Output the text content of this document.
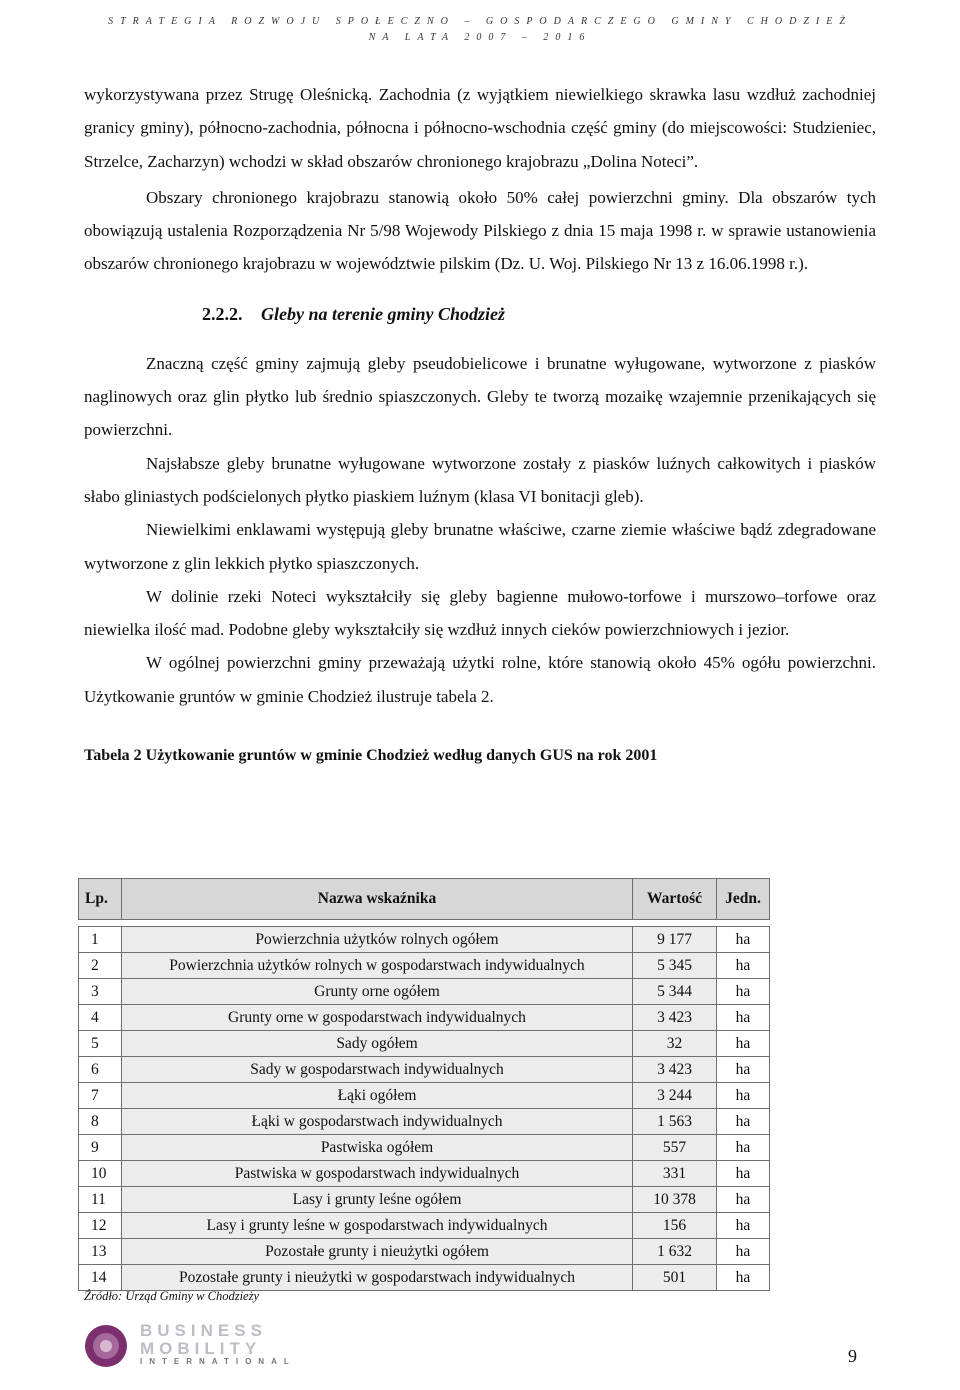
STRATEGIA ROZWOJU SPOŁECZNO – GOSPODARCZEGO GMINY CHODZIEŻ
NA LATA 2007 – 2016

wykorzystywana przez Strugę Oleśnicką. Zachodnia (z wyjątkiem niewielkiego skrawka lasu wzdłuż zachodniej granicy gminy), północno-zachodnia, północna i północno-wschodnia część gminy (do miejscowości: Studzieniec, Strzelce, Zacharzyn) wchodzi w skład obszarów chronionego krajobrazu „Dolina Noteci”.

Obszary chronionego krajobrazu stanowią około 50% całej powierzchni gminy. Dla obszarów tych obowiązują ustalenia Rozporządzenia Nr 5/98 Wojewody Pilskiego z dnia 15 maja 1998 r. w sprawie ustanowienia obszarów chronionego krajobrazu w województwie pilskim (Dz. U. Woj. Pilskiego Nr 13 z 16.06.1998 r.).

2.2.2. Gleby na terenie gminy Chodzież

Znaczną część gminy zajmują gleby pseudobielicowe i brunatne wyługowane, wytworzone z piasków naglinowych oraz glin płytko lub średnio spiaszczonych. Gleby te tworzą mozaikę wzajemnie przenikających się powierzchni.

Najsłabsze gleby brunatne wyługowane wytworzone zostały z piasków luźnych całkowitych i piasków słabo gliniastych podścielonych płytko piaskiem luźnym (klasa VI bonitacji gleb).

Niewielkimi enklawami występują gleby brunatne właściwe, czarne ziemie właściwe bądź zdegradowane wytworzone z glin lekkich płytko spiaszczonych.

W dolinie rzeki Noteci wykształciły się gleby bagienne mułowo-torfowe i murszowo–torfowe oraz niewielka ilość mad. Podobne gleby wykształciły się wzdłuż innych cieków powierzchniowych i jezior.

W ogólnej powierzchni gminy przeważają użytki rolne, które stanowią około 45% ogółu powierzchni. Użytkowanie gruntów w gminie Chodzież ilustruje tabela 2.

Tabela 2 Użytkowanie gruntów w gminie Chodzież według danych GUS na rok 2001
Lp.	Nazwa wskaźnika	Wartość	Jedn.

1	Powierzchnia użytków rolnych ogółem	9 177	ha
2	Powierzchnia użytków rolnych w gospodarstwach indywidualnych	5 345	ha
3	Grunty orne ogółem	5 344	ha
4	Grunty orne w gospodarstwach indywidualnych	3 423	ha
5	Sady ogółem	32	ha
6	Sady w gospodarstwach indywidualnych	3 423	ha
7	Łąki ogółem	3 244	ha
8	Łąki w gospodarstwach indywidualnych	1 563	ha
9	Pastwiska ogółem	557	ha
10	Pastwiska w gospodarstwach indywidualnych	331	ha
11	Lasy i grunty leśne ogółem	10 378	ha
12	Lasy i grunty leśne w gospodarstwach indywidualnych	156	ha
13	Pozostałe grunty i nieużytki ogółem	1 632	ha
14	Pozostałe grunty i nieużytki w gospodarstwach indywidualnych	501	ha
Źródło: Urząd Gminy w Chodzieży
BUSINESS
MOBILITY
INTERNATIONAL	9
